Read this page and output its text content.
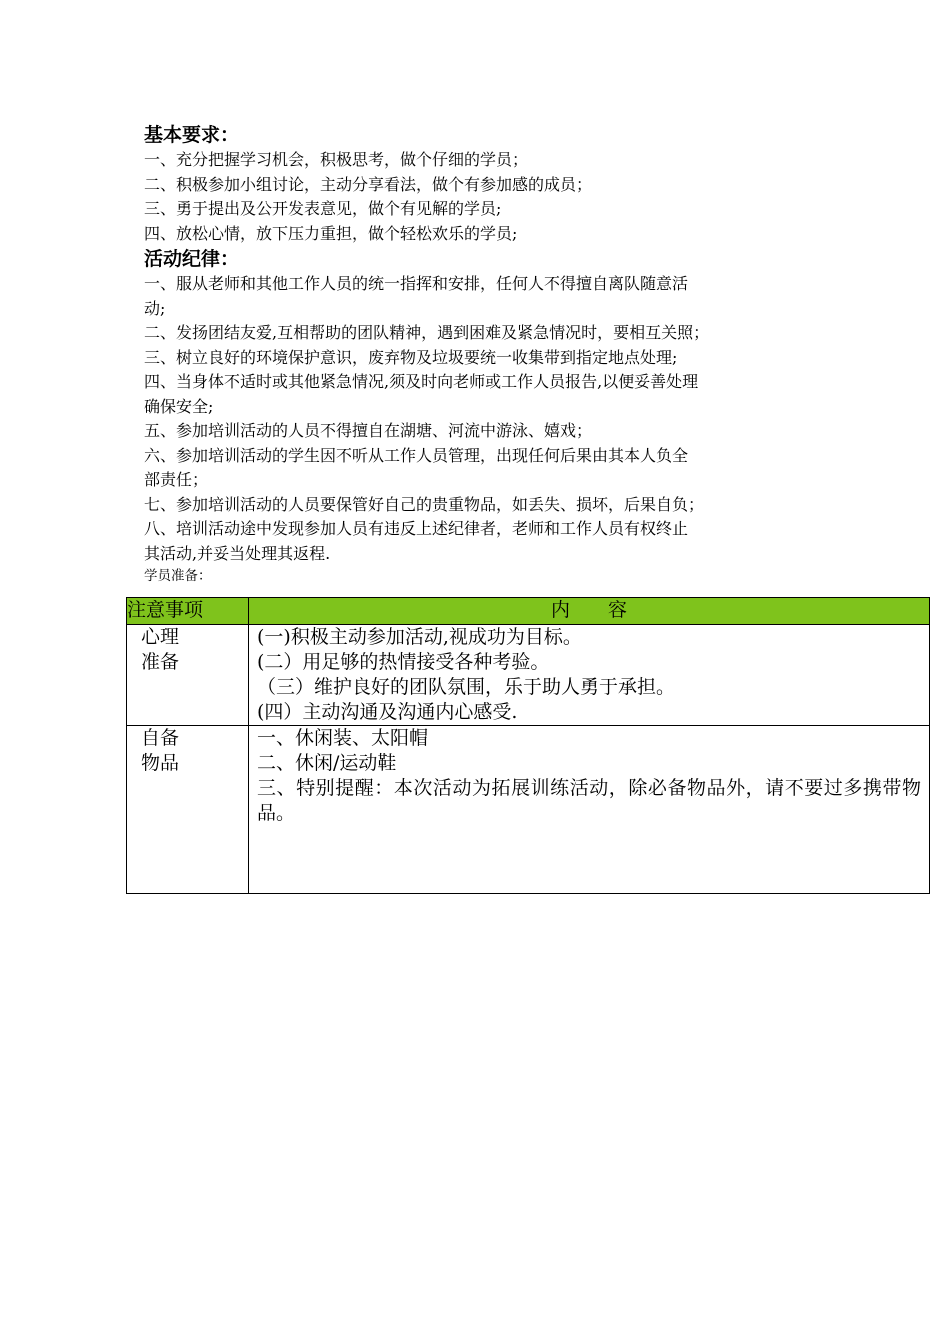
基本要求：
一、充分把握学习机会，积极思考，做个仔细的学员；
二、积极参加小组讨论，主动分享看法，做个有参加感的成员；
三、勇于提出及公开发表意见，做个有见解的学员;
四、放松心情，放下压力重担，做个轻松欢乐的学员;
活动纪律：
一、服从老师和其他工作人员的统一指挥和安排，任何人不得擅自离队随意活
动;
二、发扬团结友爱,互相帮助的团队精神，遇到困难及紧急情况时，要相互关照；
三、树立良好的环境保护意识，废弃物及垃圾要统一收集带到指定地点处理;
四、当身体不适时或其他紧急情况,须及时向老师或工作人员报告,以便妥善处理
确保安全;
五、参加培训活动的人员不得擅自在湖塘、河流中游泳、嬉戏；
六、参加培训活动的学生因不听从工作人员管理，出现任何后果由其本人负全
部责任；
七、参加培训活动的人员要保管好自己的贵重物品，如丢失、损坏，后果自负；
八、培训活动途中发现参加人员有违反上述纪律者，老师和工作人员有权终止
其活动,并妥当处理其返程.
学员准备：
注意事项	内　　容

心理
准备	(一)积极主动参加活动,视成功为目标。
(二）用足够的热情接受各种考验。
（三）维护良好的团队氛围，乐于助人勇于承担。
(四）主动沟通及沟通内心感受.

自备
物品	一、休闲装、太阳帽
二、休闲/运动鞋
三、特别提醒：本次活动为拓展训练活动，除必备物品外，请不要过多携带物品。
